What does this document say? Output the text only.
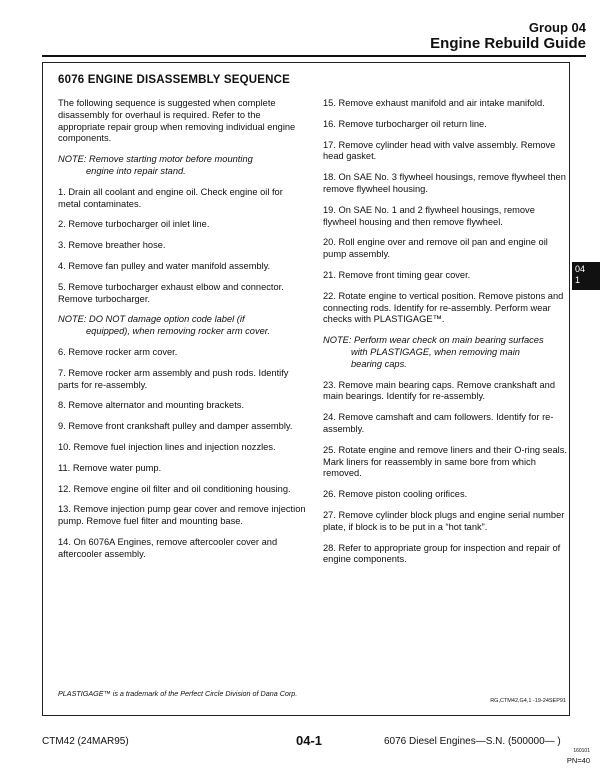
Group 04
Engine Rebuild Guide
6076 ENGINE DISASSEMBLY SEQUENCE

The following sequence is suggested when complete disassembly for overhaul is required. Refer to the appropriate repair group when removing individual engine components.

NOTE: Remove starting motor before mounting
engine into repair stand.

1. Drain all coolant and engine oil. Check engine oil for metal contaminates.

2. Remove turbocharger oil inlet line.

3. Remove breather hose.

4. Remove fan pulley and water manifold assembly.

5. Remove turbocharger exhaust elbow and connector. Remove turbocharger.

NOTE: DO NOT damage option code label (if
equipped), when removing rocker arm cover.

6. Remove rocker arm cover.

7. Remove rocker arm assembly and push rods. Identify parts for re-assembly.

8. Remove alternator and mounting brackets.

9. Remove front crankshaft pulley and damper assembly.

10. Remove fuel injection lines and injection nozzles.

11. Remove water pump.

12. Remove engine oil filter and oil conditioning housing.

13. Remove injection pump gear cover and remove injection pump. Remove fuel filter and mounting base.

14. On 6076A Engines, remove aftercooler cover and aftercooler assembly.

15. Remove exhaust manifold and air intake manifold.

16. Remove turbocharger oil return line.

17. Remove cylinder head with valve assembly. Remove head gasket.

18. On SAE No. 3 flywheel housings, remove flywheel then remove flywheel housing.

19. On SAE No. 1 and 2 flywheel housings, remove flywheel housing and then remove flywheel.

20. Roll engine over and remove oil pan and engine oil pump assembly.

21. Remove front timing gear cover.

22. Rotate engine to vertical position. Remove pistons and connecting rods. Identify for re-assembly. Perform wear checks with PLASTIGAGE™.

NOTE: Perform wear check on main bearing surfaces
with PLASTIGAGE, when removing main
bearing caps.

23. Remove main bearing caps. Remove crankshaft and main bearings. Identify for re-assembly.

24. Remove camshaft and cam followers. Identify for re-assembly.

25. Rotate engine and remove liners and their O-ring seals. Mark liners for reassembly in same bore from which removed.

26. Remove piston cooling orifices.

27. Remove cylinder block plugs and engine serial number plate, if block is to be put in a “hot tank”.

28. Refer to appropriate group for inspection and repair of engine components.

04
1
PLASTIGAGE™ is a trademark of the Perfect Circle Division of Dana Corp.
RG,CTM42,G4,1 -19-24SEP91
CTM42 (24MAR95)	04-1	6076 Diesel Engines—S.N. (500000— )
160101
PN=40
